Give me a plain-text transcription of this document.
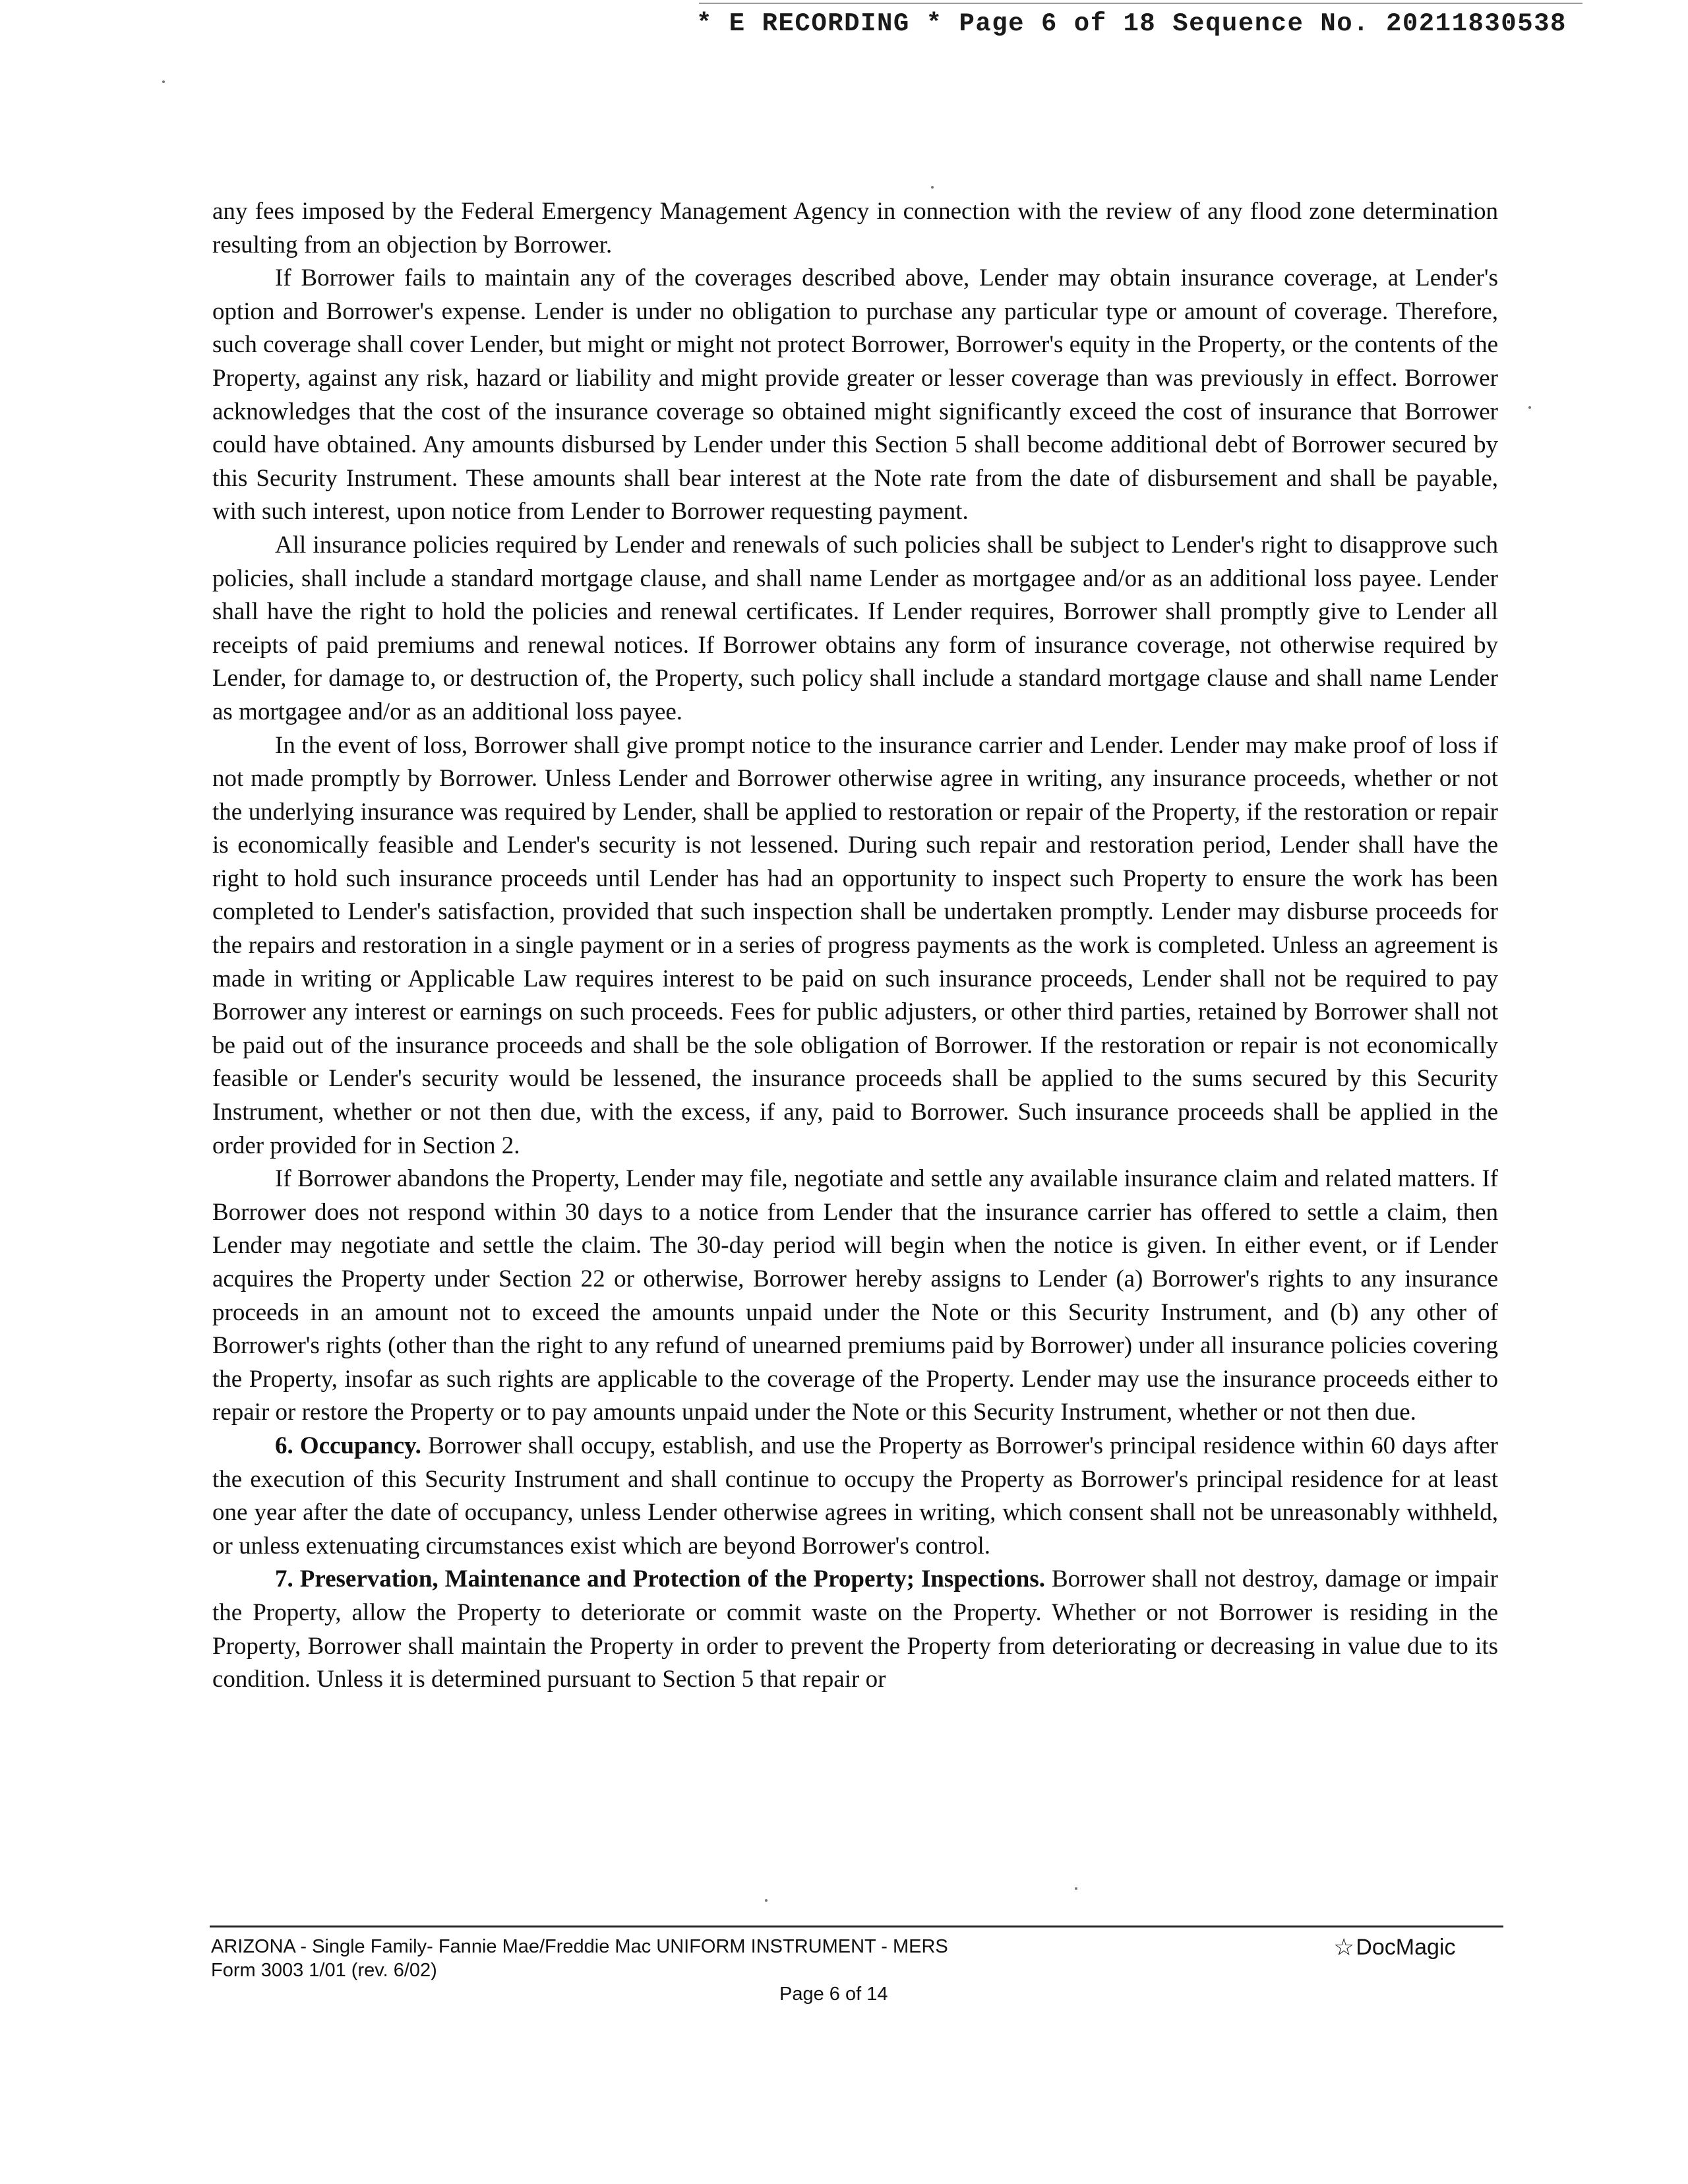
* E RECORDING * Page 6 of 18 Sequence No. 20211830538

any fees imposed by the Federal Emergency Management Agency in connection with the review of any flood zone determination resulting from an objection by Borrower.

If Borrower fails to maintain any of the coverages described above, Lender may obtain insurance coverage, at Lender's option and Borrower's expense. Lender is under no obligation to purchase any particular type or amount of coverage. Therefore, such coverage shall cover Lender, but might or might not protect Borrower, Borrower's equity in the Property, or the contents of the Property, against any risk, hazard or liability and might provide greater or lesser coverage than was previously in effect. Borrower acknowledges that the cost of the insurance coverage so obtained might significantly exceed the cost of insurance that Borrower could have obtained. Any amounts disbursed by Lender under this Section 5 shall become additional debt of Borrower secured by this Security Instrument. These amounts shall bear interest at the Note rate from the date of disbursement and shall be payable, with such interest, upon notice from Lender to Borrower requesting payment.

All insurance policies required by Lender and renewals of such policies shall be subject to Lender's right to disapprove such policies, shall include a standard mortgage clause, and shall name Lender as mortgagee and/or as an additional loss payee. Lender shall have the right to hold the policies and renewal certificates. If Lender requires, Borrower shall promptly give to Lender all receipts of paid premiums and renewal notices. If Borrower obtains any form of insurance coverage, not otherwise required by Lender, for damage to, or destruction of, the Property, such policy shall include a standard mortgage clause and shall name Lender as mortgagee and/or as an additional loss payee.

In the event of loss, Borrower shall give prompt notice to the insurance carrier and Lender. Lender may make proof of loss if not made promptly by Borrower. Unless Lender and Borrower otherwise agree in writing, any insurance proceeds, whether or not the underlying insurance was required by Lender, shall be applied to restoration or repair of the Property, if the restoration or repair is economically feasible and Lender's security is not lessened. During such repair and restoration period, Lender shall have the right to hold such insurance proceeds until Lender has had an opportunity to inspect such Property to ensure the work has been completed to Lender's satisfaction, provided that such inspection shall be undertaken promptly. Lender may disburse proceeds for the repairs and restoration in a single payment or in a series of progress payments as the work is completed. Unless an agreement is made in writing or Applicable Law requires interest to be paid on such insurance proceeds, Lender shall not be required to pay Borrower any interest or earnings on such proceeds. Fees for public adjusters, or other third parties, retained by Borrower shall not be paid out of the insurance proceeds and shall be the sole obligation of Borrower. If the restoration or repair is not economically feasible or Lender's security would be lessened, the insurance proceeds shall be applied to the sums secured by this Security Instrument, whether or not then due, with the excess, if any, paid to Borrower. Such insurance proceeds shall be applied in the order provided for in Section 2.

If Borrower abandons the Property, Lender may file, negotiate and settle any available insurance claim and related matters. If Borrower does not respond within 30 days to a notice from Lender that the insurance carrier has offered to settle a claim, then Lender may negotiate and settle the claim. The 30-day period will begin when the notice is given. In either event, or if Lender acquires the Property under Section 22 or otherwise, Borrower hereby assigns to Lender (a) Borrower's rights to any insurance proceeds in an amount not to exceed the amounts unpaid under the Note or this Security Instrument, and (b) any other of Borrower's rights (other than the right to any refund of unearned premiums paid by Borrower) under all insurance policies covering the Property, insofar as such rights are applicable to the coverage of the Property. Lender may use the insurance proceeds either to repair or restore the Property or to pay amounts unpaid under the Note or this Security Instrument, whether or not then due.

6. Occupancy. Borrower shall occupy, establish, and use the Property as Borrower's principal residence within 60 days after the execution of this Security Instrument and shall continue to occupy the Property as Borrower's principal residence for at least one year after the date of occupancy, unless Lender otherwise agrees in writing, which consent shall not be unreasonably withheld, or unless extenuating circumstances exist which are beyond Borrower's control.

7. Preservation, Maintenance and Protection of the Property; Inspections. Borrower shall not destroy, damage or impair the Property, allow the Property to deteriorate or commit waste on the Property. Whether or not Borrower is residing in the Property, Borrower shall maintain the Property in order to prevent the Property from deteriorating or decreasing in value due to its condition. Unless it is determined pursuant to Section 5 that repair or

ARIZONA - Single Family- Fannie Mae/Freddie Mac UNIFORM INSTRUMENT - MERS
Form 3003 1/01 (rev. 6/02)
Page 6 of 14
☆ DocMagic
